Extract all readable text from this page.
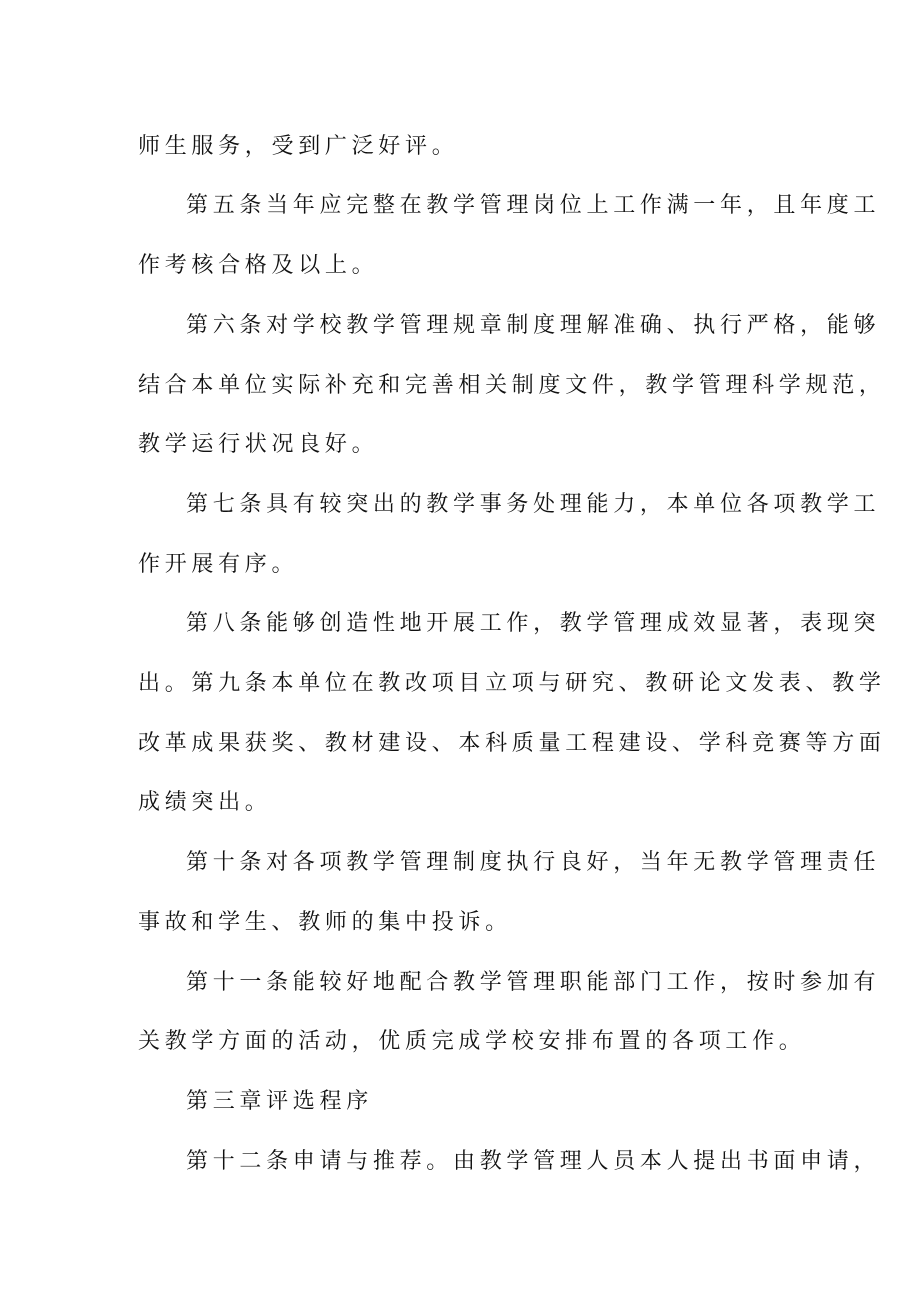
师生服务，受到广泛好评。
第五条当年应完整在教学管理岗位上工作满一年，且年度工
作考核合格及以上。
第六条对学校教学管理规章制度理解准确、执行严格，能够
结合本单位实际补充和完善相关制度文件，教学管理科学规范，
教学运行状况良好。
第七条具有较突出的教学事务处理能力，本单位各项教学工
作开展有序。
第八条能够创造性地开展工作，教学管理成效显著，表现突
出。第九条本单位在教改项目立项与研究、教研论文发表、教学
改革成果获奖、教材建设、本科质量工程建设、学科竞赛等方面
成绩突出。
第十条对各项教学管理制度执行良好，当年无教学管理责任
事故和学生、教师的集中投诉。
第十一条能较好地配合教学管理职能部门工作，按时参加有
关教学方面的活动，优质完成学校安排布置的各项工作。
第三章评选程序
第十二条申请与推荐。由教学管理人员本人提出书面申请，
